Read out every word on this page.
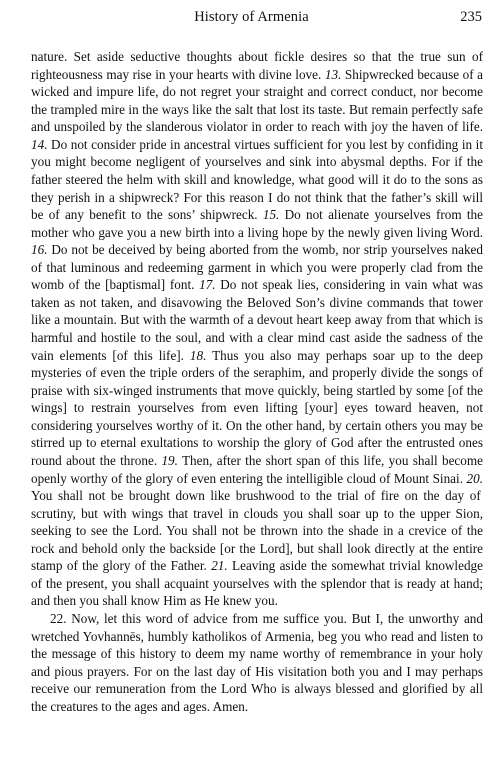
History of Armenia	235

nature. Set aside seductive thoughts about fickle desires so that the true sun of righteousness may rise in your hearts with divine love. 13. Shipwrecked because of a wicked and impure life, do not regret your straight and correct conduct, nor become the trampled mire in the ways like the salt that lost its taste. But remain perfectly safe and unspoiled by the slanderous violator in order to reach with joy the haven of life. 14. Do not consider pride in ancestral virtues sufficient for you lest by confiding in it you might become negligent of yourselves and sink into abysmal depths. For if the father steered the helm with skill and knowledge, what good will it do to the sons as they perish in a shipwreck? For this reason I do not think that the father’s skill will be of any benefit to the sons’ shipwreck. 15. Do not alienate yourselves from the mother who gave you a new birth into a living hope by the newly given living Word. 16. Do not be deceived by being aborted from the womb, nor strip yourselves naked of that luminous and redeeming garment in which you were properly clad from the womb of the [baptismal] font. 17. Do not speak lies, considering in vain what was taken as not taken, and disavowing the Beloved Son’s divine commands that tower like a mountain. But with the warmth of a devout heart keep away from that which is harmful and hostile to the soul, and with a clear mind cast aside the sadness of the vain elements [of this life]. 18. Thus you also may perhaps soar up to the deep mysteries of even the triple orders of the seraphim, and properly divide the songs of praise with six-winged instruments that move quickly, being startled by some [of the wings] to restrain yourselves from even lifting [your] eyes toward heaven, not considering yourselves worthy of it. On the other hand, by certain others you may be stirred up to eternal exultations to worship the glory of God after the entrusted ones round about the throne. 19. Then, after the short span of this life, you shall become openly worthy of the glory of even entering the intelligible cloud of Mount Sinai. 20. You shall not be brought down like brushwood to the trial of fire on the day of scrutiny, but with wings that travel in clouds you shall soar up to the upper Sion, seeking to see the Lord. You shall not be thrown into the shade in a crevice of the rock and behold only the backside [or the Lord], but shall look directly at the entire stamp of the glory of the Father. 21. Leaving aside the somewhat trivial knowledge of the present, you shall acquaint yourselves with the splendor that is ready at hand; and then you shall know Him as He knew you.

22. Now, let this word of advice from me suffice you. But I, the unworthy and wretched Yovhannēs, humbly katholikos of Armenia, beg you who read and listen to the message of this history to deem my name worthy of remembrance in your holy and pious prayers. For on the last day of His visitation both you and I may perhaps receive our remuneration from the Lord Who is always blessed and glorified by all the creatures to the ages and ages. Amen.
